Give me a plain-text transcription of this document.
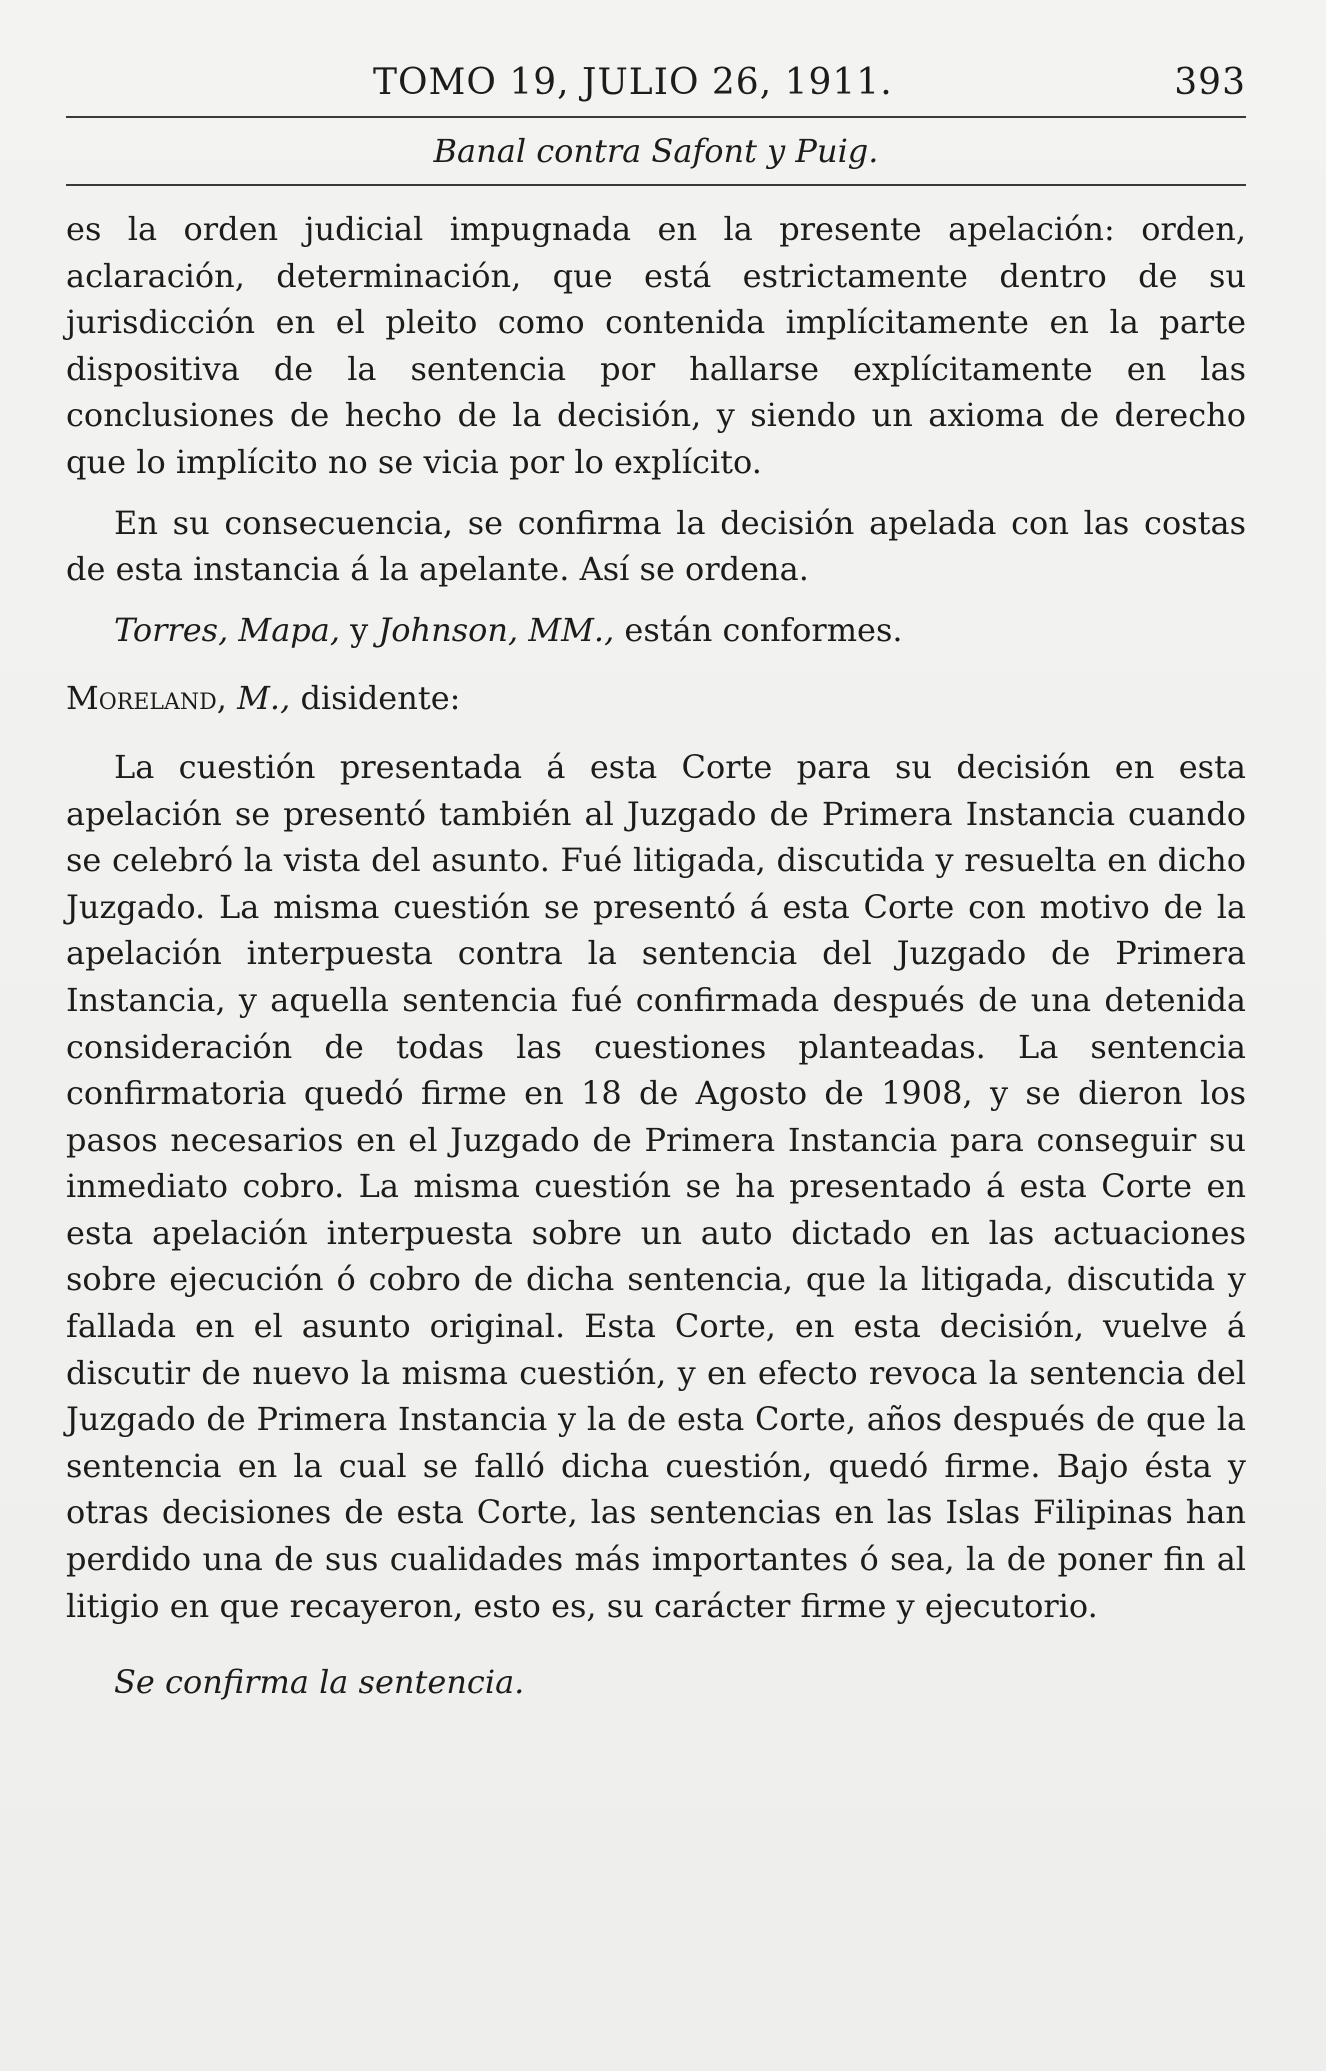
TOMO 19, JULIO 26, 1911.	393
Banal contra Safont y Puig.

es la orden judicial impugnada en la presente apelación: orden, aclaración, determinación, que está estrictamente dentro de su jurisdicción en el pleito como contenida implícitamente en la parte dispositiva de la sentencia por hallarse explícitamente en las conclusiones de hecho de la decisión, y siendo un axioma de derecho que lo implícito no se vicia por lo explícito.

En su consecuencia, se confirma la decisión apelada con las costas de esta instancia á la apelante. Así se ordena.

Torres, Mapa, y Johnson, MM., están conformes.

Moreland, M., disidente:

La cuestión presentada á esta Corte para su decisión en esta apelación se presentó también al Juzgado de Primera Instancia cuando se celebró la vista del asunto. Fué litigada, discutida y resuelta en dicho Juzgado. La misma cuestión se presentó á esta Corte con motivo de la apelación interpuesta contra la sentencia del Juzgado de Primera Instancia, y aquella sentencia fué confirmada después de una detenida consideración de todas las cuestiones planteadas. La sentencia confirmatoria quedó firme en 18 de Agosto de 1908, y se dieron los pasos necesarios en el Juzgado de Primera Instancia para conseguir su inmediato cobro. La misma cuestión se ha presentado á esta Corte en esta apelación interpuesta sobre un auto dictado en las actuaciones sobre ejecución ó cobro de dicha sentencia, que la litigada, discutida y fallada en el asunto original. Esta Corte, en esta decisión, vuelve á discutir de nuevo la misma cuestión, y en efecto revoca la sentencia del Juzgado de Primera Instancia y la de esta Corte, años después de que la sentencia en la cual se falló dicha cuestión, quedó firme. Bajo ésta y otras decisiones de esta Corte, las sentencias en las Islas Filipinas han perdido una de sus cualidades más importantes ó sea, la de poner fin al litigio en que recayeron, esto es, su carácter firme y ejecutorio.

Se confirma la sentencia.
